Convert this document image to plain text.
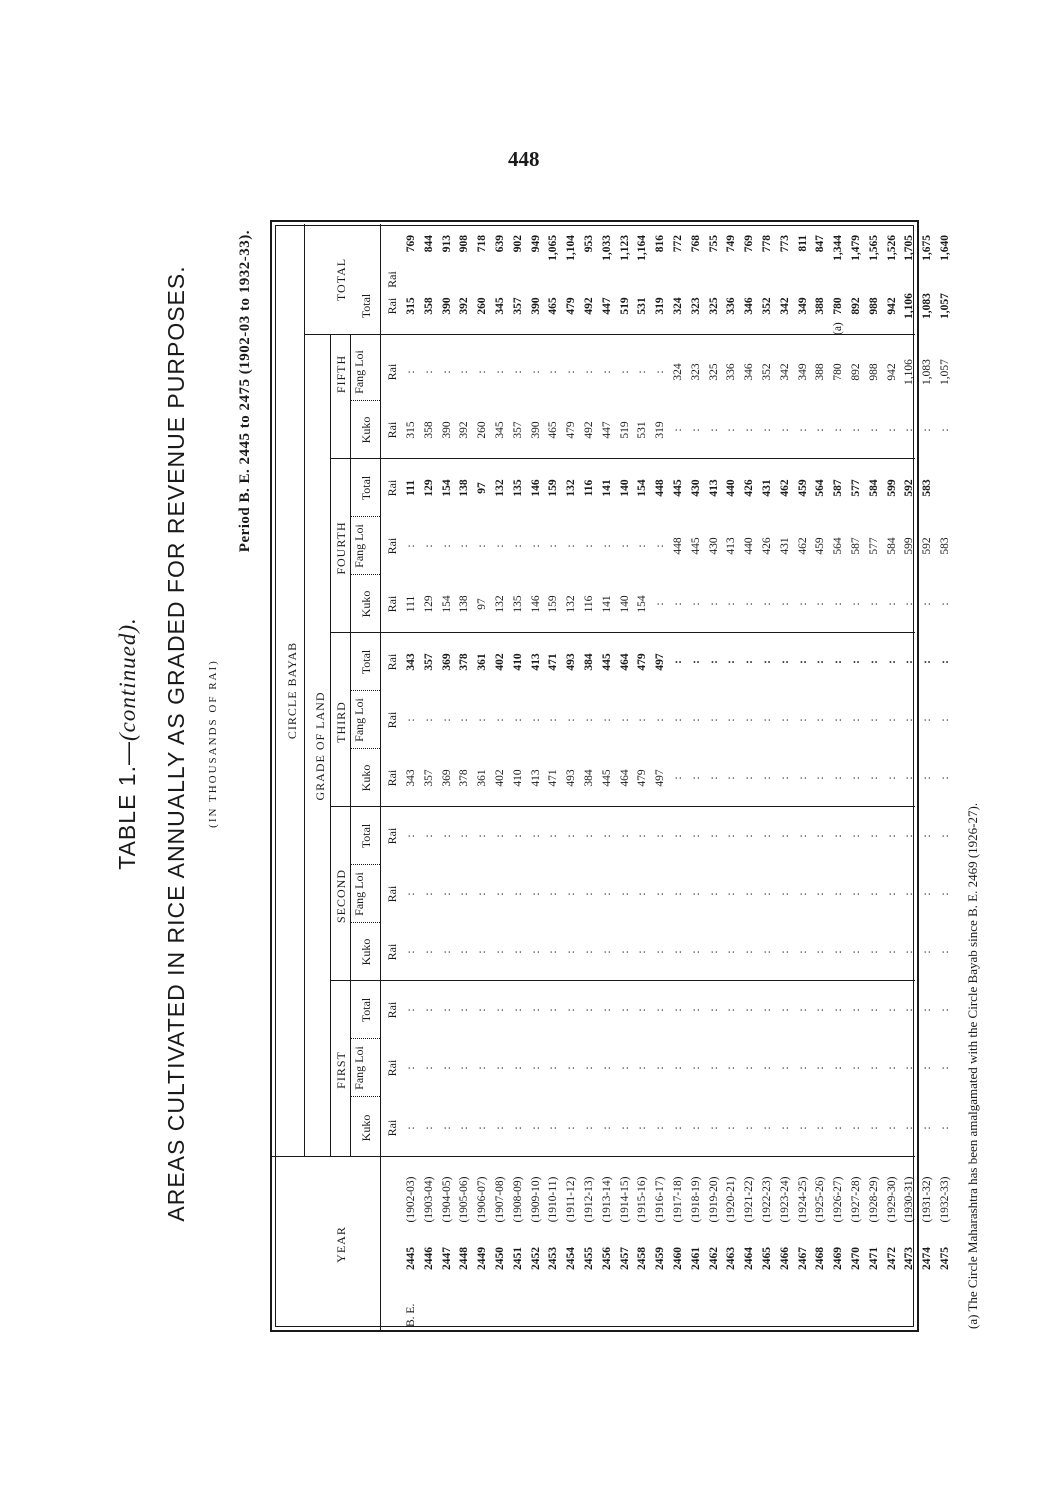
448
TABLE 1.—(continued). AREAS CULTIVATED IN RICE ANNUALLY AS GRADED FOR REVENUE PURPOSES. (IN THOUSANDS OF RAI)
Period B. E. 2445 to 2475 (1902-03 to 1932-33).
YEAR
CIRCLE BAYAB
GRADE OF LAND
TOTAL
FIRST
SECOND
THIRD
FOURTH
FIFTH
Kuko
Fang Loi
Total
Kuko
Fang Loi
Total
Kuko
Fang Loi
Total
Kuko
Fang Loi
Total
Kuko
Fang Loi
Total
Rai
Rai
Rai
Rai
Rai
Rai
Rai
Rai
Rai
Rai
Rai
Rai
Rai
Rai
Rai
Rai
2445
2446
2447
2448
2449
2450
2451
2452
2453
2454
2455
2456
2457
2458
2459
2460
2461
2462
2463
2464
2465
2466
2467
2468
2469
2470
2471
2472
2473
2474
2475
B. E.
(1902-03)
(1903-04)
(1904-05)
(1905-06)
(1906-07)
(1907-08)
(1908-09)
(1909-10)
(1910-11)
(1911-12)
(1912-13)
(1913-14)
(1914-15)
(1915-16)
(1916-17)
(1917-18)
(1918-19)
(1919-20)
(1920-21)
(1921-22)
(1922-23)
(1923-24)
(1924-25)
(1925-26)
(1926-27)
(1927-28)
(1928-29)
(1929-30)
(1930-31)
(1931-32)
(1932-33)
:
:
:
:
:
:
:
:
:
:
:
:
:
:
:
:
:
:
:
:
:
:
:
:
:
:
:
:
:
:
:
:
:
:
:
:
:
:
:
:
:
:
:
:
:
:
:
:
:
:
:
:
:
:
:
:
:
:
:
:
:
:
:
:
:
:
:
:
:
:
:
:
:
:
:
:
:
:
:
:
:
:
:
:
:
:
:
:
:
:
:
:
:
:
:
:
:
:
:
:
:
:
:
:
:
:
:
:
:
:
:
:
:
:
:
:
:
:
:
:
:
:
:
:
:
:
:
:
:
:
:
:
:
:
:
:
:
:
:
:
:
:
:
:
:
:
:
:
:
:
:
:
:
:
:
:
:
:
:
:
:
:
:
:
:
:
:
:
:
:
:
:
:
:
:
:
:
:
:
:
:
:
:
:
:
:
343
357
369
378
361
402
410
413
471
493
384
445
464
479
497
:
:
:
:
:
:
:
:
:
:
:
:
:
:
:
:
:
:
:
:
:
:
:
:
:
:
:
:
:
:
:
:
:
:
:
:
:
:
:
:
:
:
:
:
:
:
:
343
357
369
378
361
402
410
413
471
493
384
445
464
479
497
:
:
:
:
:
:
:
:
:
:
:
:
:
:
:
:
111
129
154
138
97
132
135
146
159
132
116
141
140
154
:
:
:
:
:
:
:
:
:
:
:
:
:
:
:
:
:
:
:
:
:
:
:
:
:
:
:
:
:
:
:
:
448
445
430
413
440
426
431
462
459
564
587
577
584
599
592
583
111
129
154
138
97
132
135
146
159
132
116
141
140
154
448
445
430
413
440
426
431
462
459
564
587
577
584
599
592
583

315
358
390
392
260
345
357
390
465
479
492
447
519
531
319
:
:
:
:
:
:
:
:
:
:
:
:
:
:
:
:
:
:
:
:
:
:
:
:
:
:
:
:
:
:
:
324
323
325
336
346
352
342
349
388
780
892
988
942
1,106
1,083
1,057
315
358
390
392
260
345
357
390
465
479
492
447
519
531
319
324
323
325
336
346
352
342
349
388
780
892
988
942
1,106
1,083
1,057
769
844
913
908
718
639
902
949
1,065
1,104
953
1,033
1,123
1,164
816
772
768
755
749
769
778
773
811
847
1,344
1,479
1,565
1,526
1,705
1,675
1,640
(a)
(a) The Circle Maharashtra has been amalgamated with the Circle Bayab since B. E. 2469 (1926-27).
